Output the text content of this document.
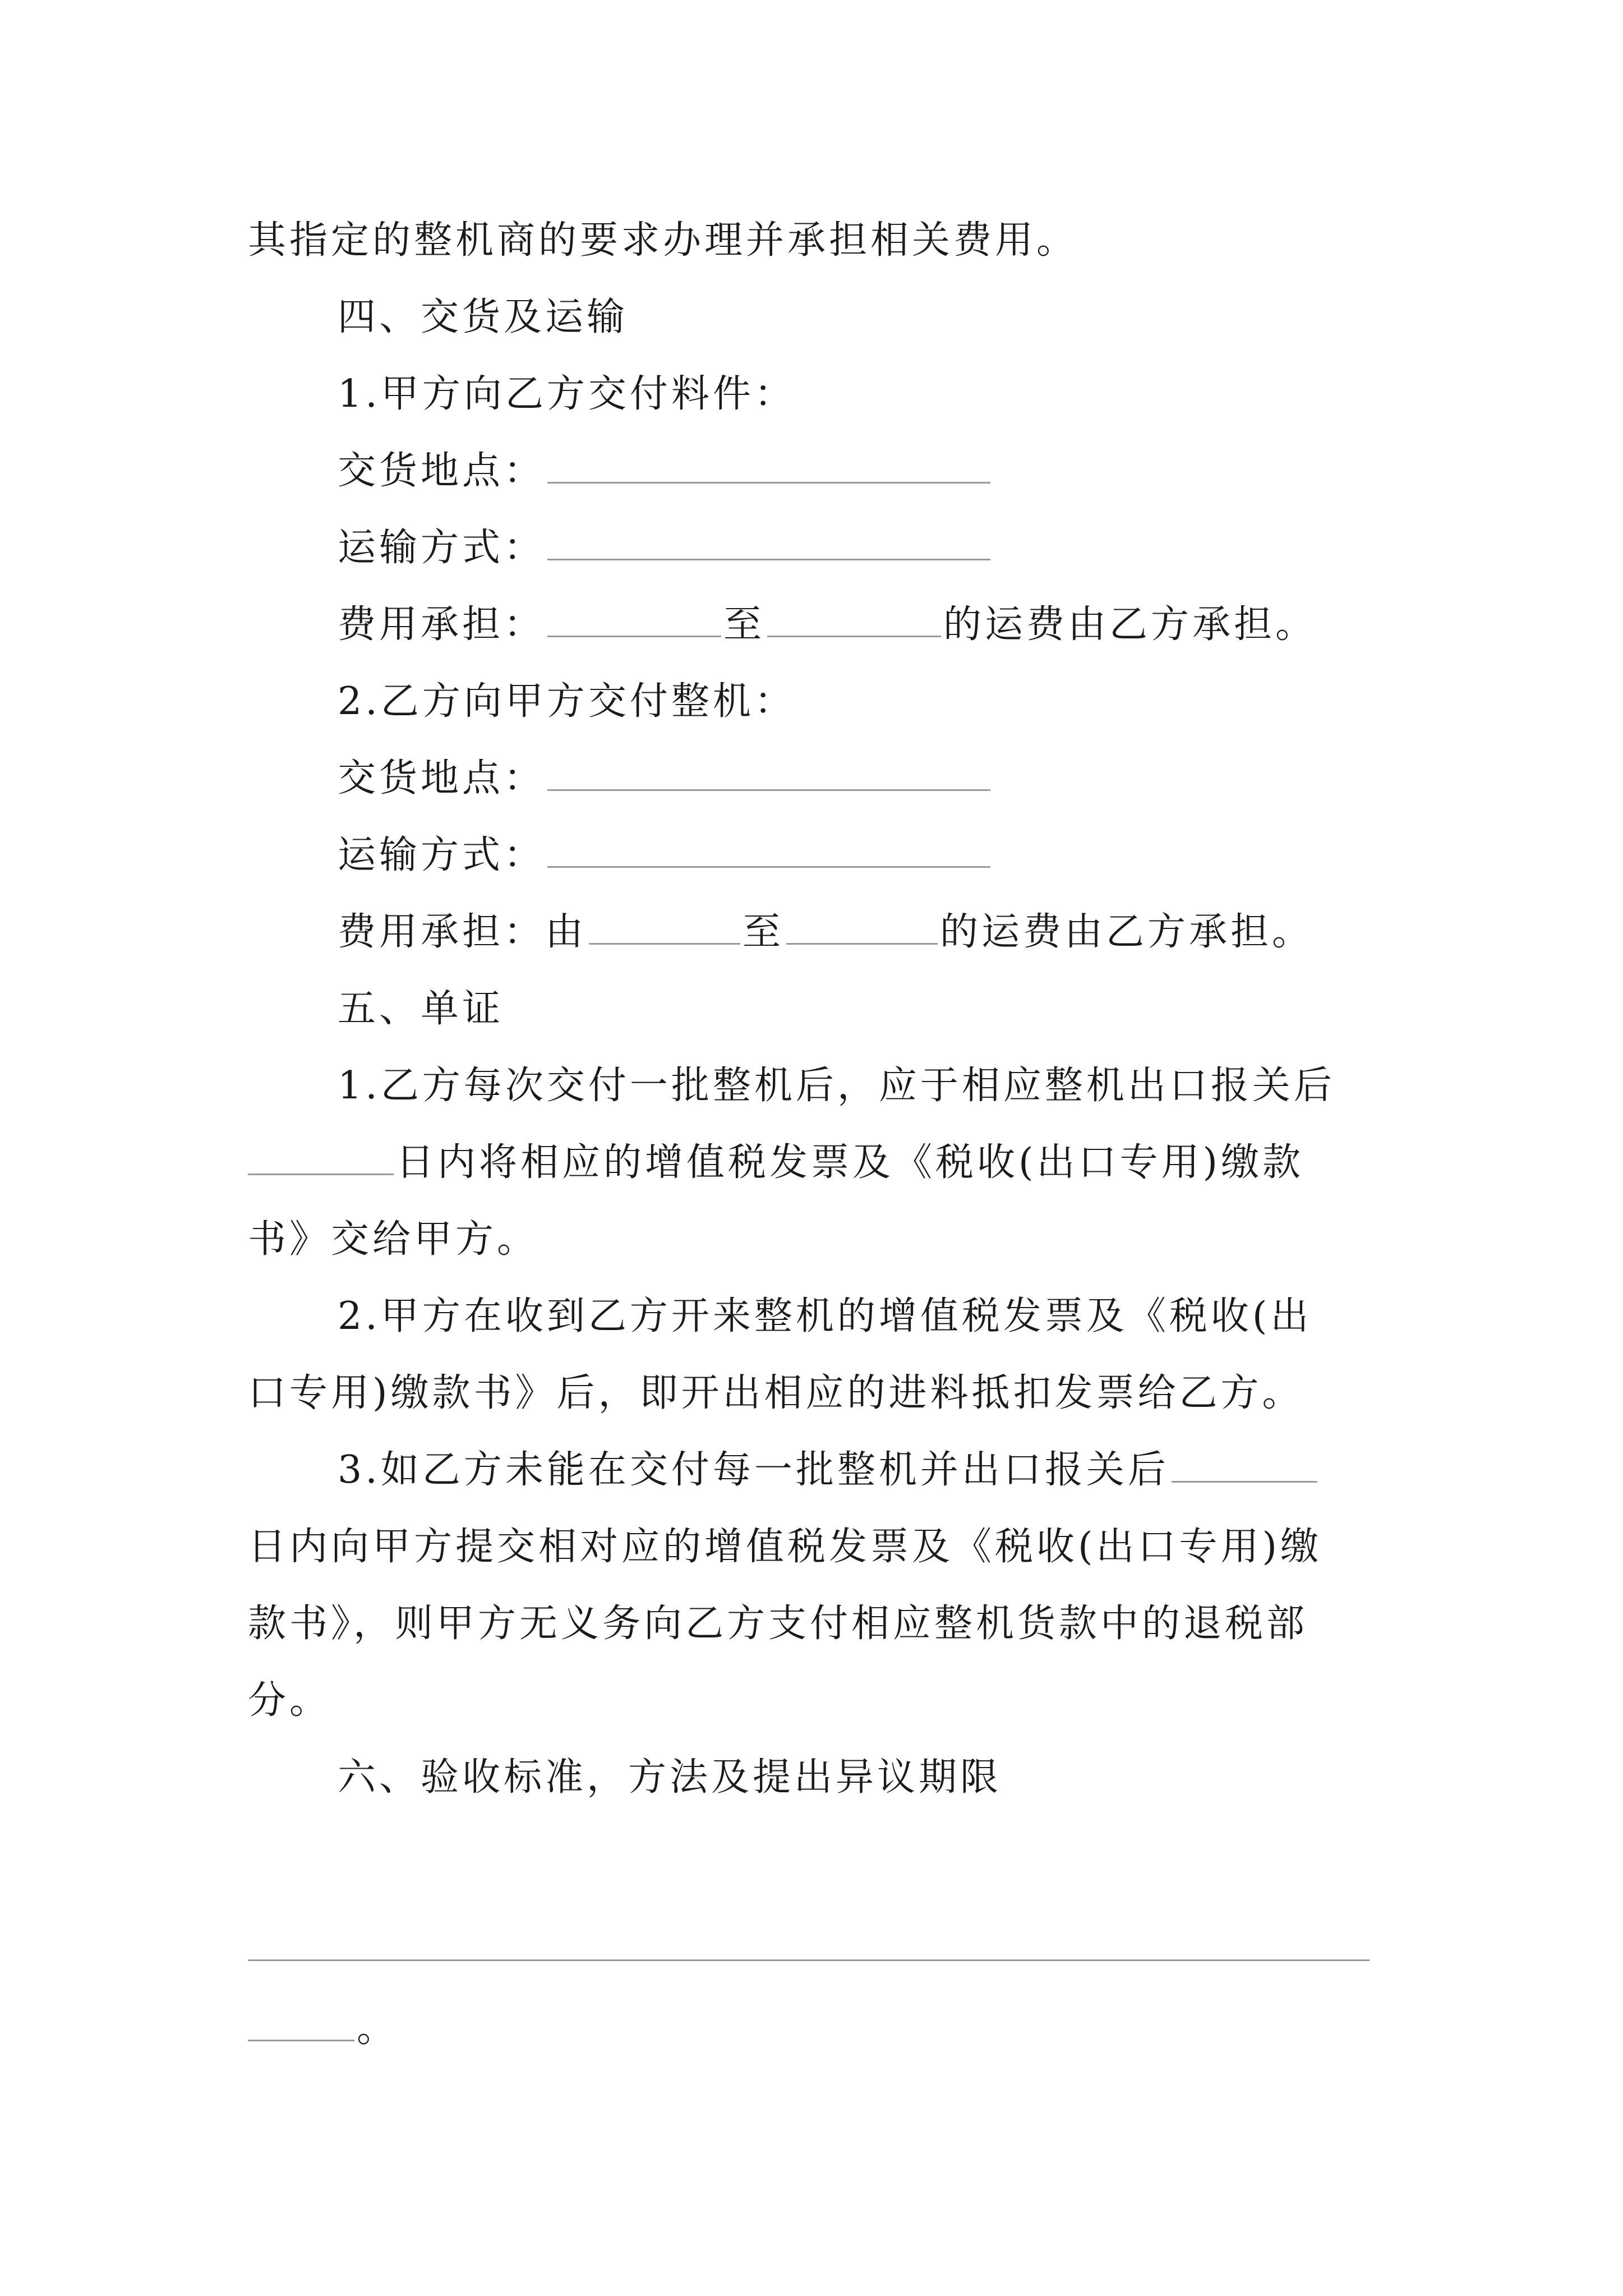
其指定的整机商的要求办理并承担相关费用。
四、交货及运输
1.甲方向乙方交付料件：
交货地点：
运输方式：
费用承担：	至	的运费由乙方承担。
2.乙方向甲方交付整机：
交货地点：
运输方式：
费用承担：由	至	的运费由乙方承担。
五、单证
1.乙方每次交付一批整机后，应于相应整机出口报关后
日内将相应的增值税发票及《税收(出口专用)缴款
书》交给甲方。
2.甲方在收到乙方开来整机的增值税发票及《税收(出
口专用)缴款书》后，即开出相应的进料抵扣发票给乙方。
3.如乙方未能在交付每一批整机并出口报关后
日内向甲方提交相对应的增值税发票及《税收(出口专用)缴
款书》，则甲方无义务向乙方支付相应整机货款中的退税部
分。
六、验收标准，方法及提出异议期限
。
